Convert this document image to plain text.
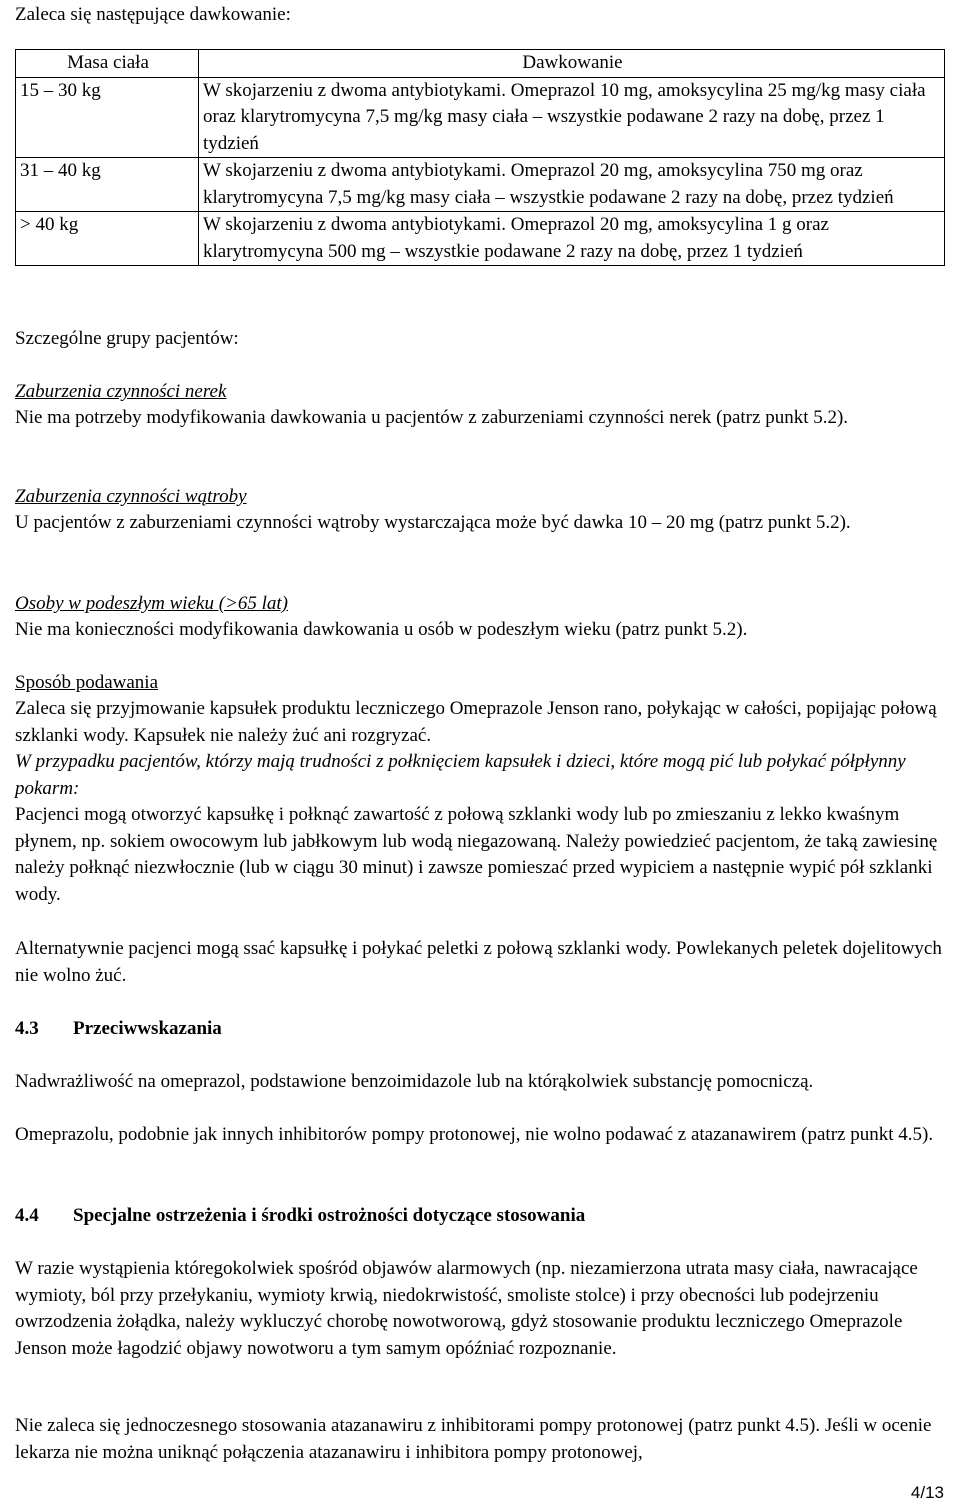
Zaleca się następujące dawkowanie:

Masa ciała	Dawkowanie
15 – 30 kg	W skojarzeniu z dwoma antybiotykami. Omeprazol 10 mg, amoksycylina 25 mg/kg masy ciała oraz klarytromycyna 7,5 mg/kg masy ciała – wszystkie podawane 2 razy na dobę, przez 1 tydzień
31 – 40 kg	W skojarzeniu z dwoma antybiotykami. Omeprazol 20 mg, amoksycylina 750 mg oraz klarytromycyna 7,5 mg/kg masy ciała – wszystkie podawane 2 razy na dobę, przez tydzień
> 40 kg	W skojarzeniu z dwoma antybiotykami. Omeprazol 20 mg, amoksycylina 1 g oraz klarytromycyna 500 mg – wszystkie podawane 2 razy na dobę, przez 1 tydzień

Szczególne grupy pacjentów:

Zaburzenia czynności nerek

Nie ma potrzeby modyfikowania dawkowania u pacjentów z zaburzeniami czynności nerek (patrz punkt 5.2).

Zaburzenia czynności wątroby

U pacjentów z zaburzeniami czynności wątroby wystarczająca może być dawka 10 – 20 mg (patrz punkt 5.2).

Osoby w podeszłym wieku (>65 lat)

Nie ma konieczności modyfikowania dawkowania u osób w podeszłym wieku (patrz punkt 5.2).

Sposób podawania

Zaleca się przyjmowanie kapsułek produktu leczniczego Omeprazole Jenson rano, połykając w całości, popijając połową szklanki wody. Kapsułek nie należy żuć ani rozgryzać.

W przypadku pacjentów, którzy mają trudności z połknięciem kapsułek i dzieci, które mogą pić lub połykać półpłynny pokarm:

Pacjenci mogą otworzyć kapsułkę i połknąć zawartość z połową szklanki wody lub po zmieszaniu z lekko kwaśnym płynem, np. sokiem owocowym lub jabłkowym lub wodą niegazowaną. Należy powiedzieć pacjentom, że taką zawiesinę należy połknąć niezwłocznie (lub w ciągu 30 minut) i zawsze pomieszać przed wypiciem a następnie wypić pół szklanki wody.

Alternatywnie pacjenci mogą ssać kapsułkę i połykać peletki z połową szklanki wody. Powlekanych peletek dojelitowych nie wolno żuć.

4.3 Przeciwwskazania

Nadwrażliwość na omeprazol, podstawione benzoimidazole lub na którąkolwiek substancję pomocniczą.

Omeprazolu, podobnie jak innych inhibitorów pompy protonowej, nie wolno podawać z atazanawirem (patrz punkt 4.5).

4.4 Specjalne ostrzeżenia i środki ostrożności dotyczące stosowania

W razie wystąpienia któregokolwiek spośród objawów alarmowych (np. niezamierzona utrata masy ciała, nawracające wymioty, ból przy przełykaniu, wymioty krwią, niedokrwistość, smoliste stolce) i przy obecności lub podejrzeniu owrzodzenia żołądka, należy wykluczyć chorobę nowotworową, gdyż stosowanie produktu leczniczego Omeprazole Jenson może łagodzić objawy nowotworu a tym samym opóźniać rozpoznanie.

Nie zaleca się jednoczesnego stosowania atazanawiru z inhibitorami pompy protonowej (patrz punkt 4.5). Jeśli w ocenie lekarza nie można uniknąć połączenia atazanawiru i inhibitora pompy protonowej,

4/13
